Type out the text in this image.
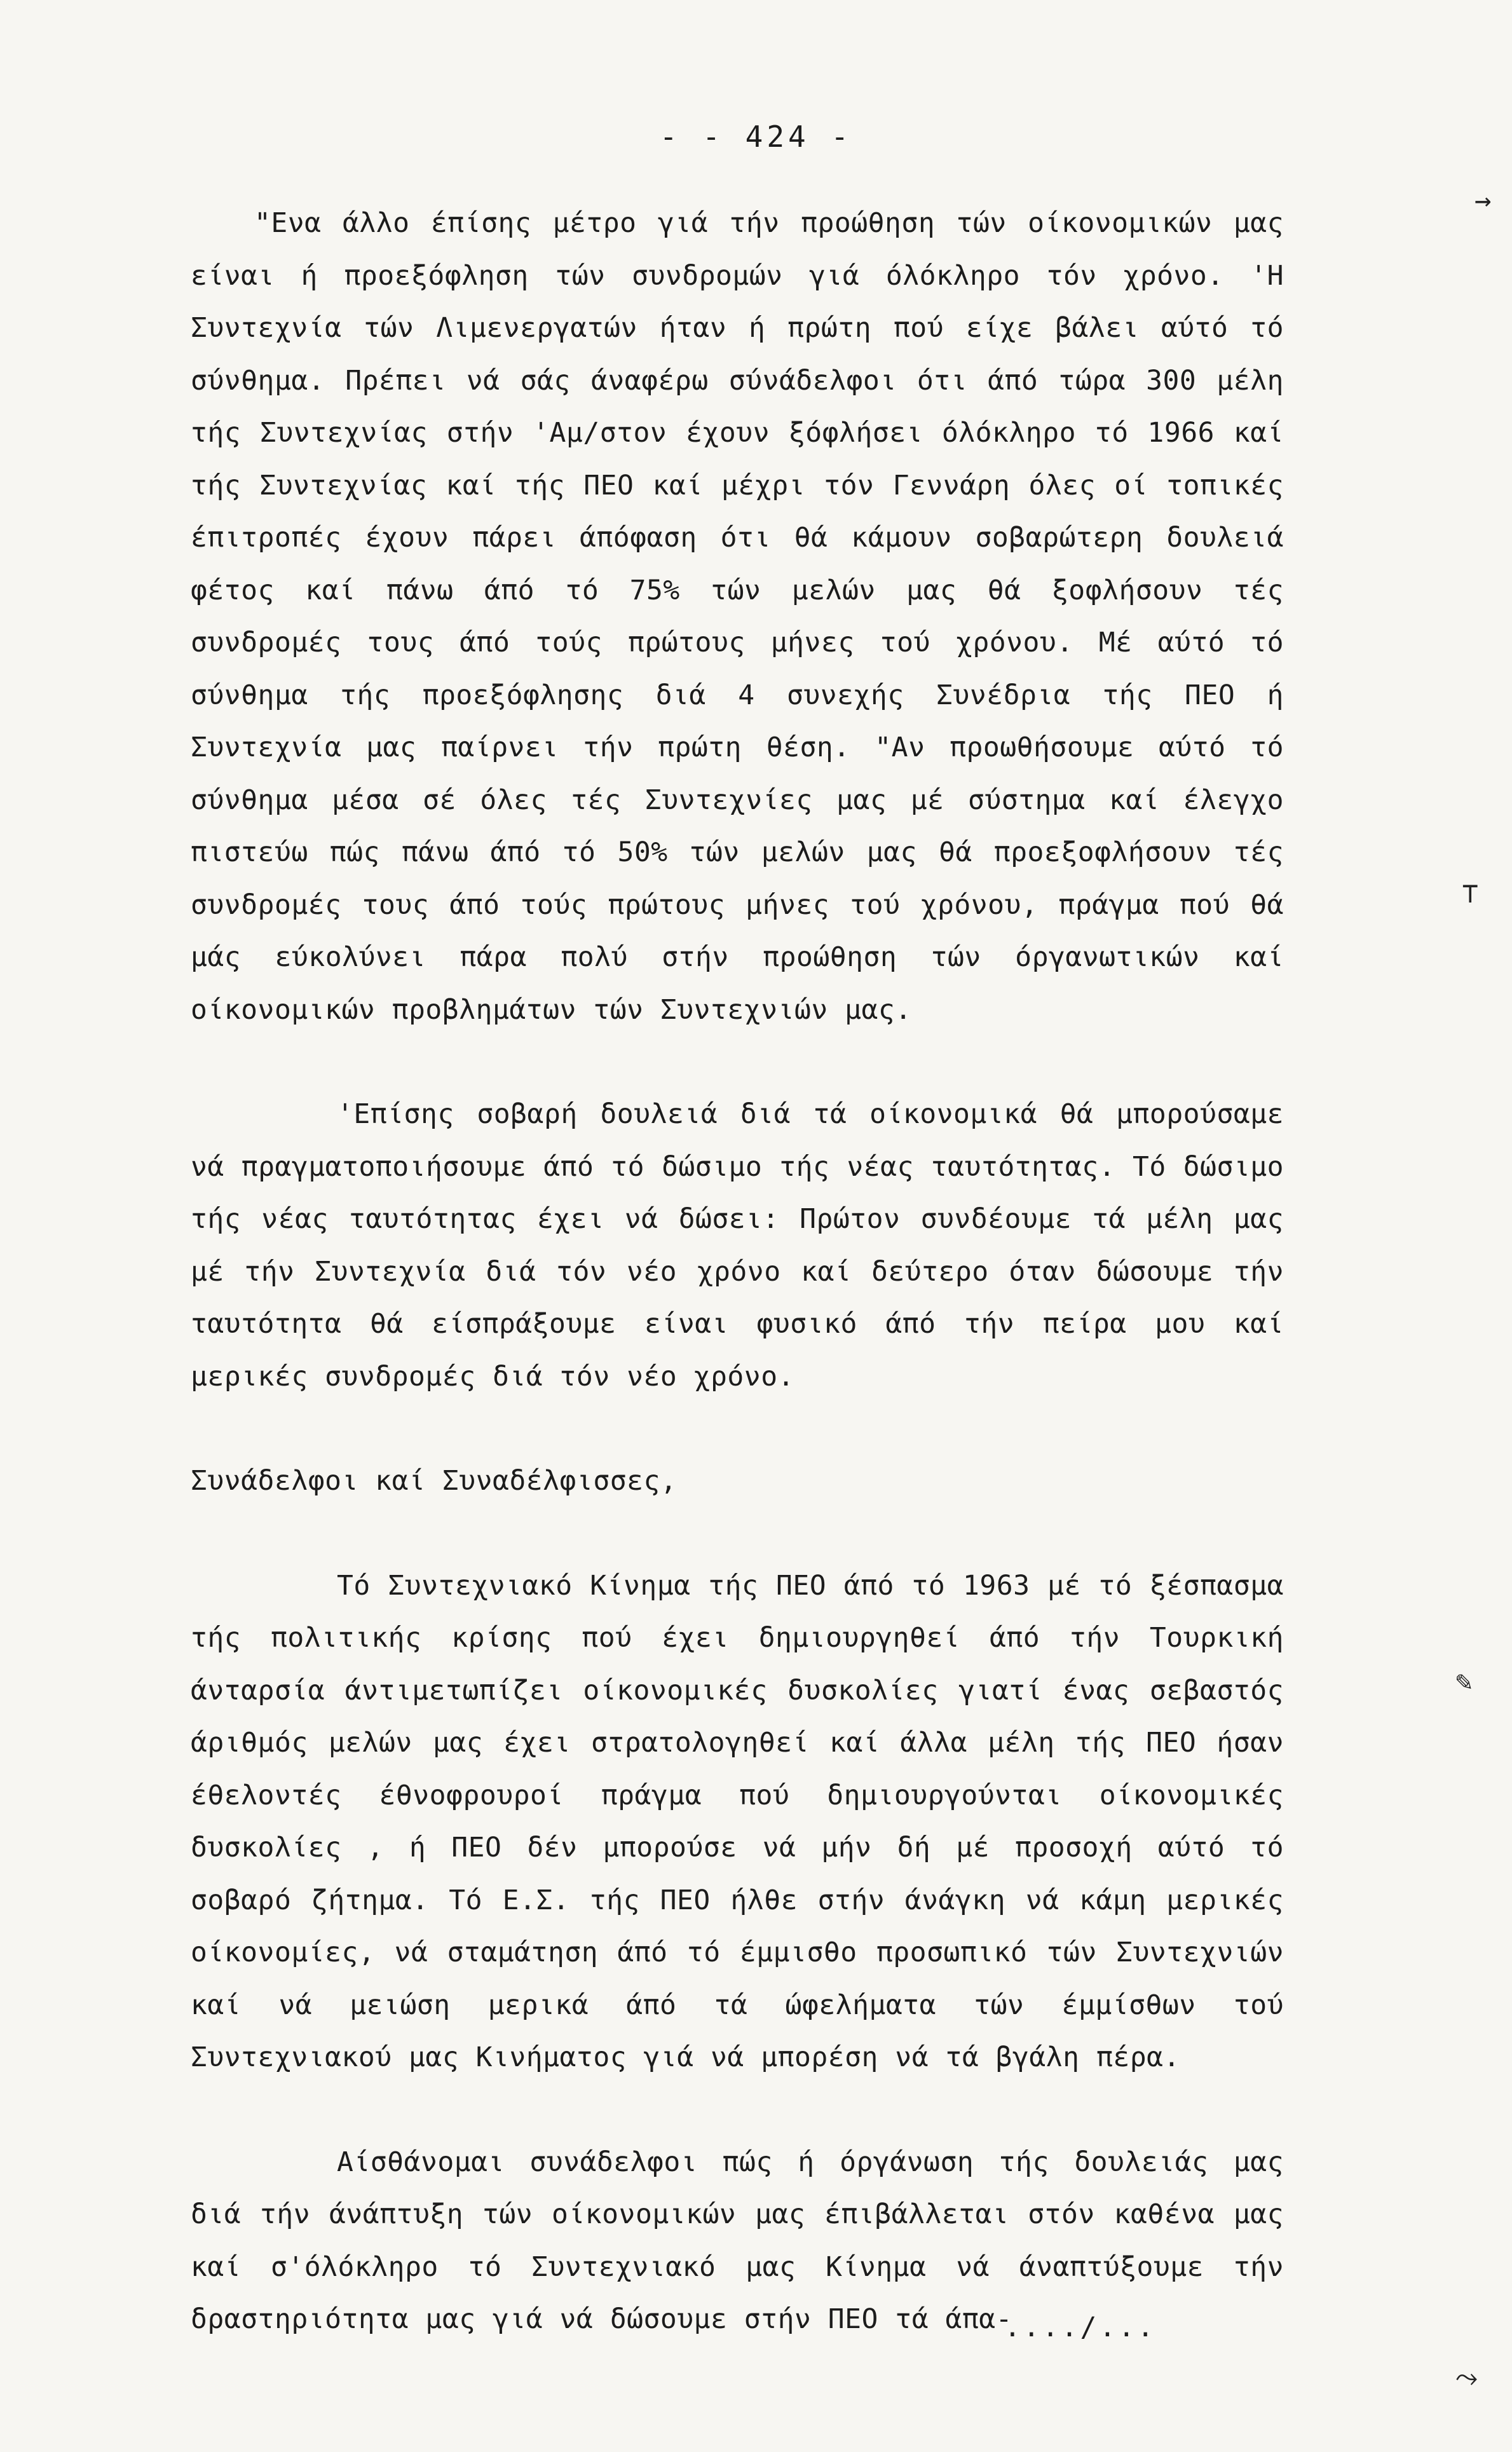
- - 424 -

"Ενα άλλο έπίσης μέτρο γιά τήν προώθηση τών οίκονομικών μας είναι ή προεξόφληση τών συνδρομών γιά όλόκληρο τόν χρόνο. 'Η Συντεχνία τών Λιμενεργατών ήταν ή πρώτη πού είχε βάλει αύτό τό σύνθημα. Πρέπει νά σάς άναφέρω σύνάδελφοι ότι άπό τώρα 300 μέλη τής Συντεχνίας στήν 'Αμ/στον έχουν ξόφλήσει όλόκληρο τό 1966 καί τής Συντεχνίας καί τής ΠΕΟ καί μέχρι τόν Γεννάρη όλες οί τοπικές έπιτροπές έχουν πάρει άπόφαση ότι θά κάμουν σοβαρώτερη δουλειά φέτος καί πάνω άπό τό 75% τών μελών μας θά ξοφλήσουν τές συνδρομές τους άπό τούς πρώτους μήνες τού χρόνου. Μέ αύτό τό σύνθημα τής προεξόφλησης διά 4 συνεχής Συνέδρια τής ΠΕΟ ή Συντεχνία μας παίρνει τήν πρώτη θέση. "Αν προωθήσουμε αύτό τό σύνθημα μέσα σέ όλες τές Συντεχνίες μας μέ σύστημα καί έλεγχο πιστεύω πώς πάνω άπό τό 50% τών μελών μας θά προεξοφλήσουν τές συνδρομές τους άπό τούς πρώτους μήνες τού χρόνου, πράγμα πού θά μάς εύκολύνει πάρα πολύ στήν προώθηση τών όργανωτικών καί οίκονομικών προβλημάτων τών Συντεχνιών μας.

'Επίσης σοβαρή δουλειά διά τά οίκονομικά θά μπορούσαμε νά πραγματοποιήσουμε άπό τό δώσιμο τής νέας ταυτότητας. Τό δώσιμο τής νέας ταυτότητας έχει νά δώσει: Πρώτον συνδέουμε τά μέλη μας μέ τήν Συντεχνία διά τόν νέο χρόνο καί δεύτερο όταν δώσουμε τήν ταυτότητα θά είσπράξουμε είναι φυσικό άπό τήν πείρα μου καί μερικές συνδρομές διά τόν νέο χρόνο.

Συνάδελφοι καί Συναδέλφισσες,

Τό Συντεχνιακό Κίνημα τής ΠΕΟ άπό τό 1963 μέ τό ξέσπασμα τής πολιτικής κρίσης πού έχει δημιουργηθεί άπό τήν Τουρκική άνταρσία άντιμετωπίζει οίκονομικές δυσκολίες γιατί ένας σεβαστός άριθμός μελών μας έχει στρατολογηθεί καί άλλα μέλη τής ΠΕΟ ήσαν έθελοντές έθνοφρουροί πράγμα πού δημιουργούνται οίκονομικές δυσκολίες , ή ΠΕΟ δέν μπορούσε νά μήν δή μέ προσοχή αύτό τό σοβαρό ζήτημα. Τό Ε.Σ. τής ΠΕΟ ήλθε στήν άνάγκη νά κάμη μερικές οίκονομίες, νά σταμάτηση άπό τό έμμισθο προσωπικό τών Συντεχνιών καί νά μειώση μερικά άπό τά ώφελήματα τών έμμίσθων τού Συντεχνιακού μας Κινήματος γιά νά μπορέση νά τά βγάλη πέρα.

Αίσθάνομαι συνάδελφοι πώς ή όργάνωση τής δουλειάς μας διά τήν άνάπτυξη τών οίκονομικών μας έπιβάλλεται στόν καθένα μας καί σ'όλόκληρο τό Συντεχνιακό μας Κίνημα νά άναπτύξουμε τήν δραστηριότητα μας γιά νά δώσουμε στήν ΠΕΟ τά άπα-

..../...
→
⊤
✎
⤳
